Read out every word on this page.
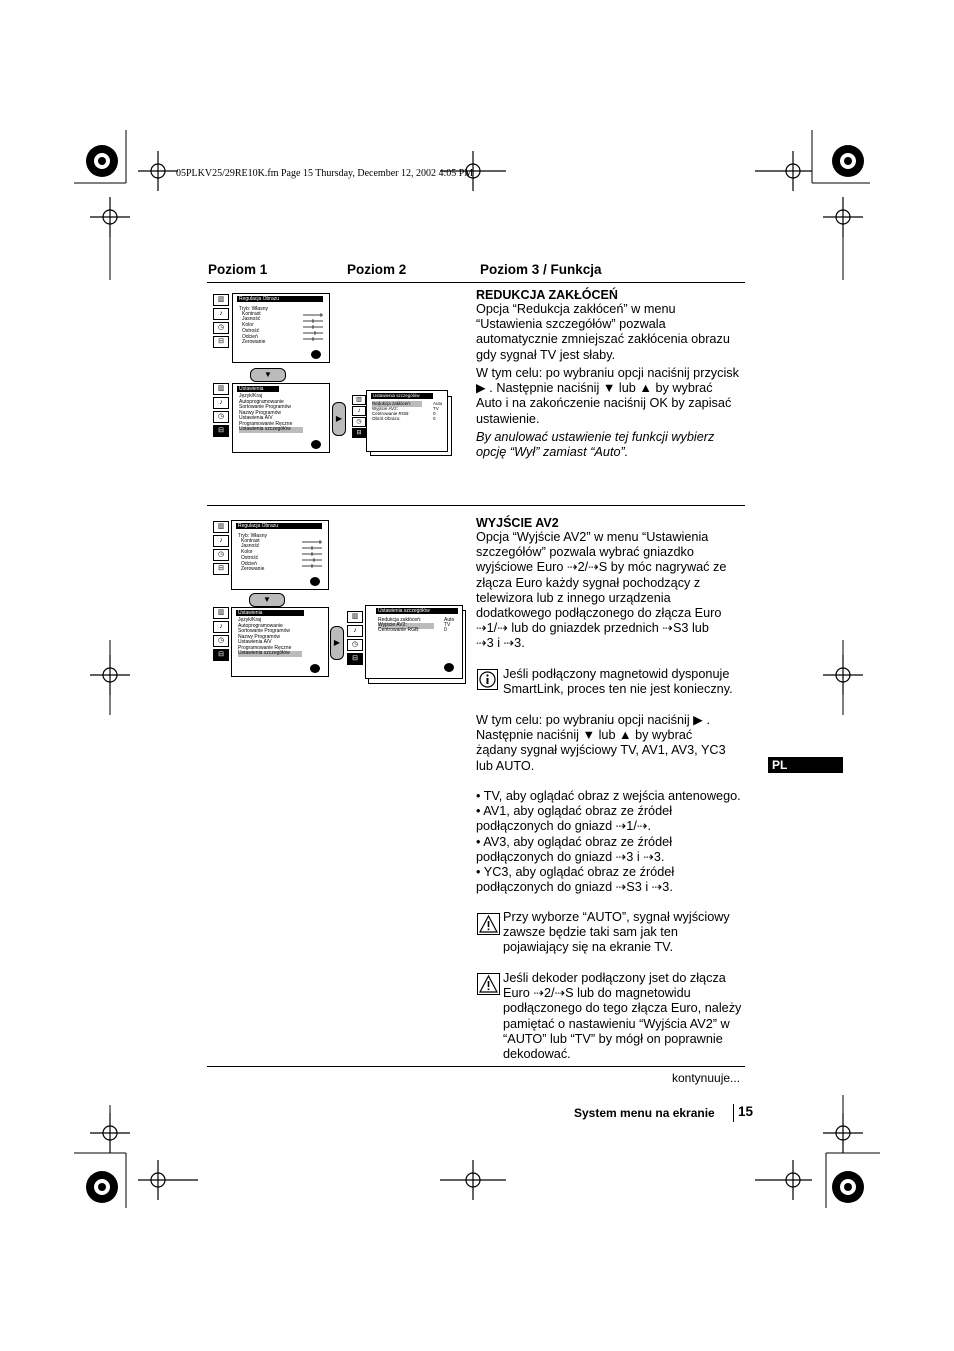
05PLKV25/29RE10K.fm Page 15 Thursday, December 12, 2002 4:05 PM
Poziom 1	Poziom 2	Poziom 3 / Funkcja
▥
♪
◷
⊟
Regulacja Obrazu
Tryb: Własny
Kontrast
Jasność
Kolor
Ostrość
Odcień
Zerowanie
▼
▥
♪
◷
⊟
Ustawienia
Język/Kraj
Autoprogramowanie
Sortowanie Programów
Nazwy Programów
Ustawienia A/V
Programowanie Ręczne
Ustawienia szczegółów
▶
▥
♪
◷
⊟
Ustawienia szczegółów
Redukcja zakłóceń:
Wyjście AV2:
Centrowanie RGB:
Obrót Obrazu:
Auto
TV
0
0
REDUKCJA ZAKŁÓCEŃ
Opcja “Redukcja zakłóceń” w menu
“Ustawienia szczegółów” pozwala
automatycznie zmniejszać zakłócenia obrazu
gdy sygnał TV jest słaby.
W tym celu: po wybraniu opcji naciśnij przycisk
▶ . Następnie naciśnij ▼ lub ▲ by wybrać
Auto i na zakończenie naciśnij OK by zapisać
ustawienie.
By anulować ustawienie tej funkcji wybierz
opcję “Wył” zamiast “Auto”.
▥
♪
◷
⊟
Regulacja Obrazu
Tryb: Własny
Kontrast
Jasność
Kolor
Ostrość
Odcień
Zerowanie
▼
▥
♪
◷
⊟
Ustawienia
Język/Kraj
Autoprogramowanie
Sortowanie Programów
Nazwy Programów
Ustawienia A/V
Programowanie Ręczne
Ustawienia szczegółów
▶
▥
♪
◷
⊟
Ustawienia szczegółów
Redukcja zakłóceń:
Wyjście AV2:
Centrowanie RGB:
Auto
TV
0
WYJŚCIE AV2
Opcja “Wyjście AV2” w menu “Ustawienia
szczegółów” pozwala wybrać gniazdko
wyjściowe Euro ⇢2/⇢S by móc nagrywać ze
złącza Euro każdy sygnał pochodzący z
telewizora lub z innego urządzenia
dodatkowego podłączonego do złącza Euro
⇢1/⇢ lub do gniazdek przednich ⇢S3 lub
⇢3 i ⇢3.
Jeśli podłączony magnetowid dysponuje
SmartLink, proces ten nie jest konieczny.
W tym celu: po wybraniu opcji naciśnij ▶ .
Następnie naciśnij ▼ lub ▲ by wybrać
żądany sygnał wyjściowy TV, AV1, AV3, YC3
lub AUTO.
• TV, aby oglądać obraz z wejścia antenowego.
• AV1, aby oglądać obraz ze źródeł
podłączonych do gniazd ⇢1/⇢.
• AV3, aby oglądać obraz ze źródeł
podłączonych do gniazd ⇢3 i ⇢3.
• YC3, aby oglądać obraz ze źródeł
podłączonych do gniazd ⇢S3 i ⇢3.
Przy wyborze “AUTO”, sygnał wyjściowy
zawsze będzie taki sam jak ten
pojawiający się na ekranie TV.
Jeśli dekoder podłączony jset do złącza
Euro ⇢2/⇢S lub do magnetowidu
podłączonego do tego złącza Euro, należy
pamiętać o nastawieniu “Wyjścia AV2” w
“AUTO” lub “TV” by mógł on poprawnie
dekodować.
PL
kontynuuje...
System menu na ekranie 15
